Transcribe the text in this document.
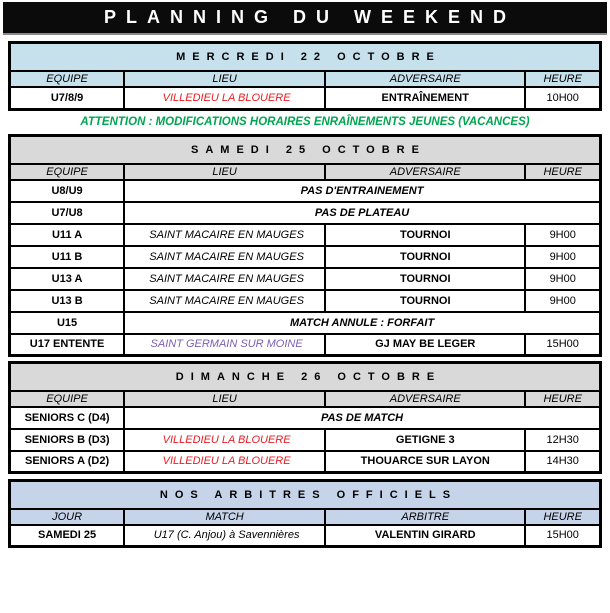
PLANNING DU WEEKEND
MERCREDI 22 OCTOBRE			
EQUIPE	LIEU	ADVERSAIRE	HEURE
U7/8/9	VILLEDIEU LA BLOUERE	ENTRAÎNEMENT	10H00
ATTENTION : MODIFICATIONS HORAIRES ENRAÎNEMENTS JEUNES (VACANCES)
SAMEDI 25 OCTOBRE			
EQUIPE	LIEU	ADVERSAIRE	HEURE
U8/U9	PAS D'ENTRAINEMENT		
U7/U8	PAS DE PLATEAU		
U11 A	SAINT MACAIRE EN MAUGES	TOURNOI	9H00
U11 B	SAINT MACAIRE EN MAUGES	TOURNOI	9H00
U13 A	SAINT MACAIRE EN MAUGES	TOURNOI	9H00
U13 B	SAINT MACAIRE EN MAUGES	TOURNOI	9H00
U15	MATCH ANNULE : FORFAIT		
U17 ENTENTE	SAINT GERMAIN SUR MOINE	GJ MAY BE LEGER	15H00
DIMANCHE 26 OCTOBRE			
EQUIPE	LIEU	ADVERSAIRE	HEURE
SENIORS C (D4)	PAS DE MATCH		
SENIORS B (D3)	VILLEDIEU LA BLOUERE	GETIGNE 3	12H30
SENIORS A (D2)	VILLEDIEU LA BLOUERE	THOUARCE SUR LAYON	14H30
NOS ARBITRES OFFICIELS			
JOUR	MATCH	ARBITRE	HEURE
SAMEDI 25	U17 (C. Anjou) à Savennières	VALENTIN GIRARD	15H00
